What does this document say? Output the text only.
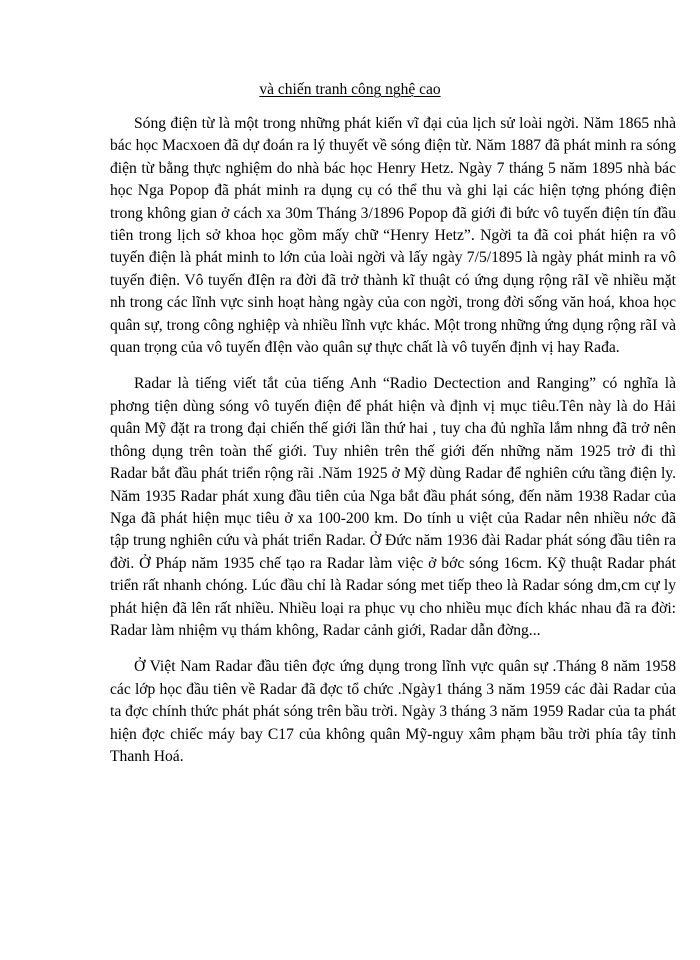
và chiến tranh công nghệ cao

Sóng điện từ là một trong những phát kiến vĩ đại của lịch sử loài ngời. Năm 1865 nhà bác học Macxoen đã dự đoán ra lý thuyết về sóng điện từ. Năm 1887 đã phát minh ra sóng điện từ bằng thực nghiệm do nhà bác học Henry Hetz. Ngày 7 tháng 5 năm 1895 nhà bác học Nga Popop đã phát minh ra dụng cụ có thể thu và ghi lại các hiện tợng phóng điện trong không gian ở cách xa 30m Tháng 3/1896 Popop đã giới đi bức vô tuyến điện tín đầu tiên trong lịch sở khoa học gồm mấy chữ “Henry Hetz”. Ngời ta đã coi phát hiện ra vô tuyến điện là phát minh to lớn của loài ngời và lấy ngày 7/5/1895 là ngày phát minh ra vô tuyến điện. Vô tuyến đIện ra đời đã trở thành kĩ thuật có ứng dụng rộng rãI về nhiều mặt nh trong các lĩnh vực sinh hoạt hàng ngày của con ngời, trong đời sống văn hoá, khoa học quân sự, trong công nghiệp và nhiều lĩnh vực khác. Một trong những ứng dụng rộng rãI và quan trọng của vô tuyến đIện vào quân sự thực chất là vô tuyến định vị hay Rađa.

Radar là tiếng viết tắt của tiếng Anh “Radio Dectection and Ranging” có nghĩa là phơng tiện dùng sóng vô tuyến điện để phát hiện và định vị mục tiêu.Tên này là do Hải quân Mỹ đặt ra trong đại chiến thế giới lần thứ hai , tuy cha đủ nghĩa lắm nhng đã trở nên thông dụng trên toàn thế giới. Tuy nhiên trên thế giới đến những năm 1925 trở đi thì Radar bắt đầu phát triển rộng rãi .Năm 1925 ở Mỹ dùng Radar để nghiên cứu tầng điện ly. Năm 1935 Radar phát xung đầu tiên của Nga bắt đầu phát sóng, đến năm 1938 Radar của Nga đã phát hiện mục tiêu ở xa 100-200 km. Do tính u việt của Radar nên nhiều nớc đã tập trung nghiên cứu và phát triển Radar. Ở Đức năm 1936 đài Radar phát sóng đầu tiên ra đời. Ở Pháp năm 1935 chế tạo ra Radar làm việc ở bớc sóng 16cm. Kỹ thuật Radar phát triển rất nhanh chóng. Lúc đầu chỉ là Radar sóng met tiếp theo là Radar sóng dm,cm cự ly phát hiện đã lên rất nhiều. Nhiều loại ra phục vụ cho nhiều mục đích khác nhau đã ra đời: Radar làm nhiệm vụ thám không, Radar cảnh giới, Radar dẫn đờng...

Ở Việt Nam Radar đầu tiên đợc ứng dụng trong lĩnh vực quân sự .Tháng 8 năm 1958 các lớp học đầu tiên về Radar đã đợc tổ chức .Ngày1 tháng 3 năm 1959 các đài Radar của ta đợc chính thức phát phát sóng trên bầu trời. Ngày 3 tháng 3 năm 1959 Radar của ta phát hiện đợc chiếc máy bay C17 của không quân Mỹ-nguy xâm phạm bầu trời phía tây tỉnh Thanh Hoá.
